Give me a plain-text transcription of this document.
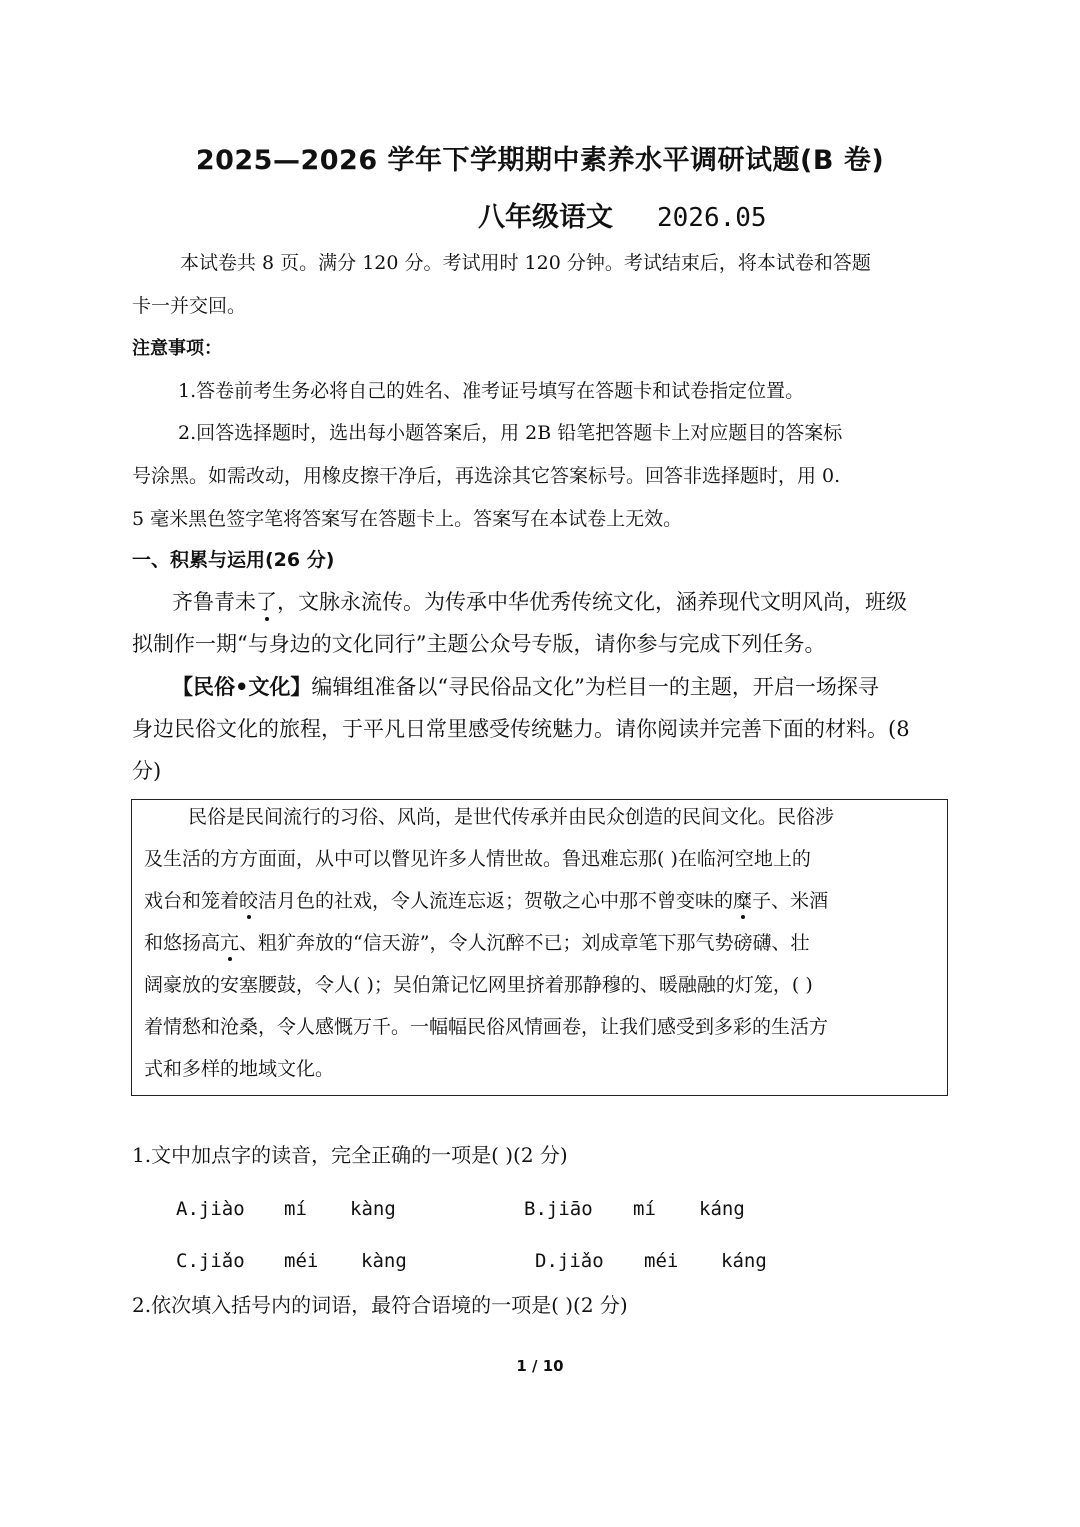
2025—2026 学年下学期期中素养水平调研试题(B 卷)
八年级语文 2026.05
本试卷共 8 页。满分 120 分。考试用时 120 分钟。考试结束后，将本试卷和答题
卡一并交回。
注意事项：
1.答卷前考生务必将自己的姓名、准考证号填写在答题卡和试卷指定位置。
2.回答选择题时，选出每小题答案后，用 2B 铅笔把答题卡上对应题目的答案标
号涂黑。如需改动，用橡皮擦干净后，再选涂其它答案标号。回答非选择题时，用 0.
5 毫米黑色签字笔将答案写在答题卡上。答案写在本试卷上无效。
一、积累与运用(26 分)
齐鲁青未了，文脉永流传。为传承中华优秀传统文化，涵养现代文明风尚，班级
拟制作一期“与身边的文化同行”主题公众号专版，请你参与完成下列任务。
【民俗•文化】编辑组准备以“寻民俗品文化”为栏目一的主题，开启一场探寻
身边民俗文化的旅程，于平凡日常里感受传统魅力。请你阅读并完善下面的材料。(8
分)
民俗是民间流行的习俗、风尚，是世代传承并由民众创造的民间文化。民俗涉
及生活的方方面面，从中可以瞥见许多人情世故。鲁迅难忘那( )在临河空地上的
戏台和笼着皎洁月色的社戏，令人流连忘返；贺敬之心中那不曾变味的糜子、米酒
和悠扬高亢、粗犷奔放的“信天游”，令人沉醉不已；刘成章笔下那气势磅礴、壮
阔豪放的安塞腰鼓，令人( )；吴伯箫记忆网里挤着那静穆的、暖融融的灯笼，( )
着情愁和沧桑，令人感慨万千。一幅幅民俗风情画卷，让我们感受到多彩的生活方
式和多样的地域文化。
1.文中加点字的读音，完全正确的一项是( )(2 分)
A.jiào mí kàng	B.jiāo mí káng
C.jiǎo méi kàng	D.jiǎo méi káng
2.依次填入括号内的词语，最符合语境的一项是( )(2 分)
1 / 10
